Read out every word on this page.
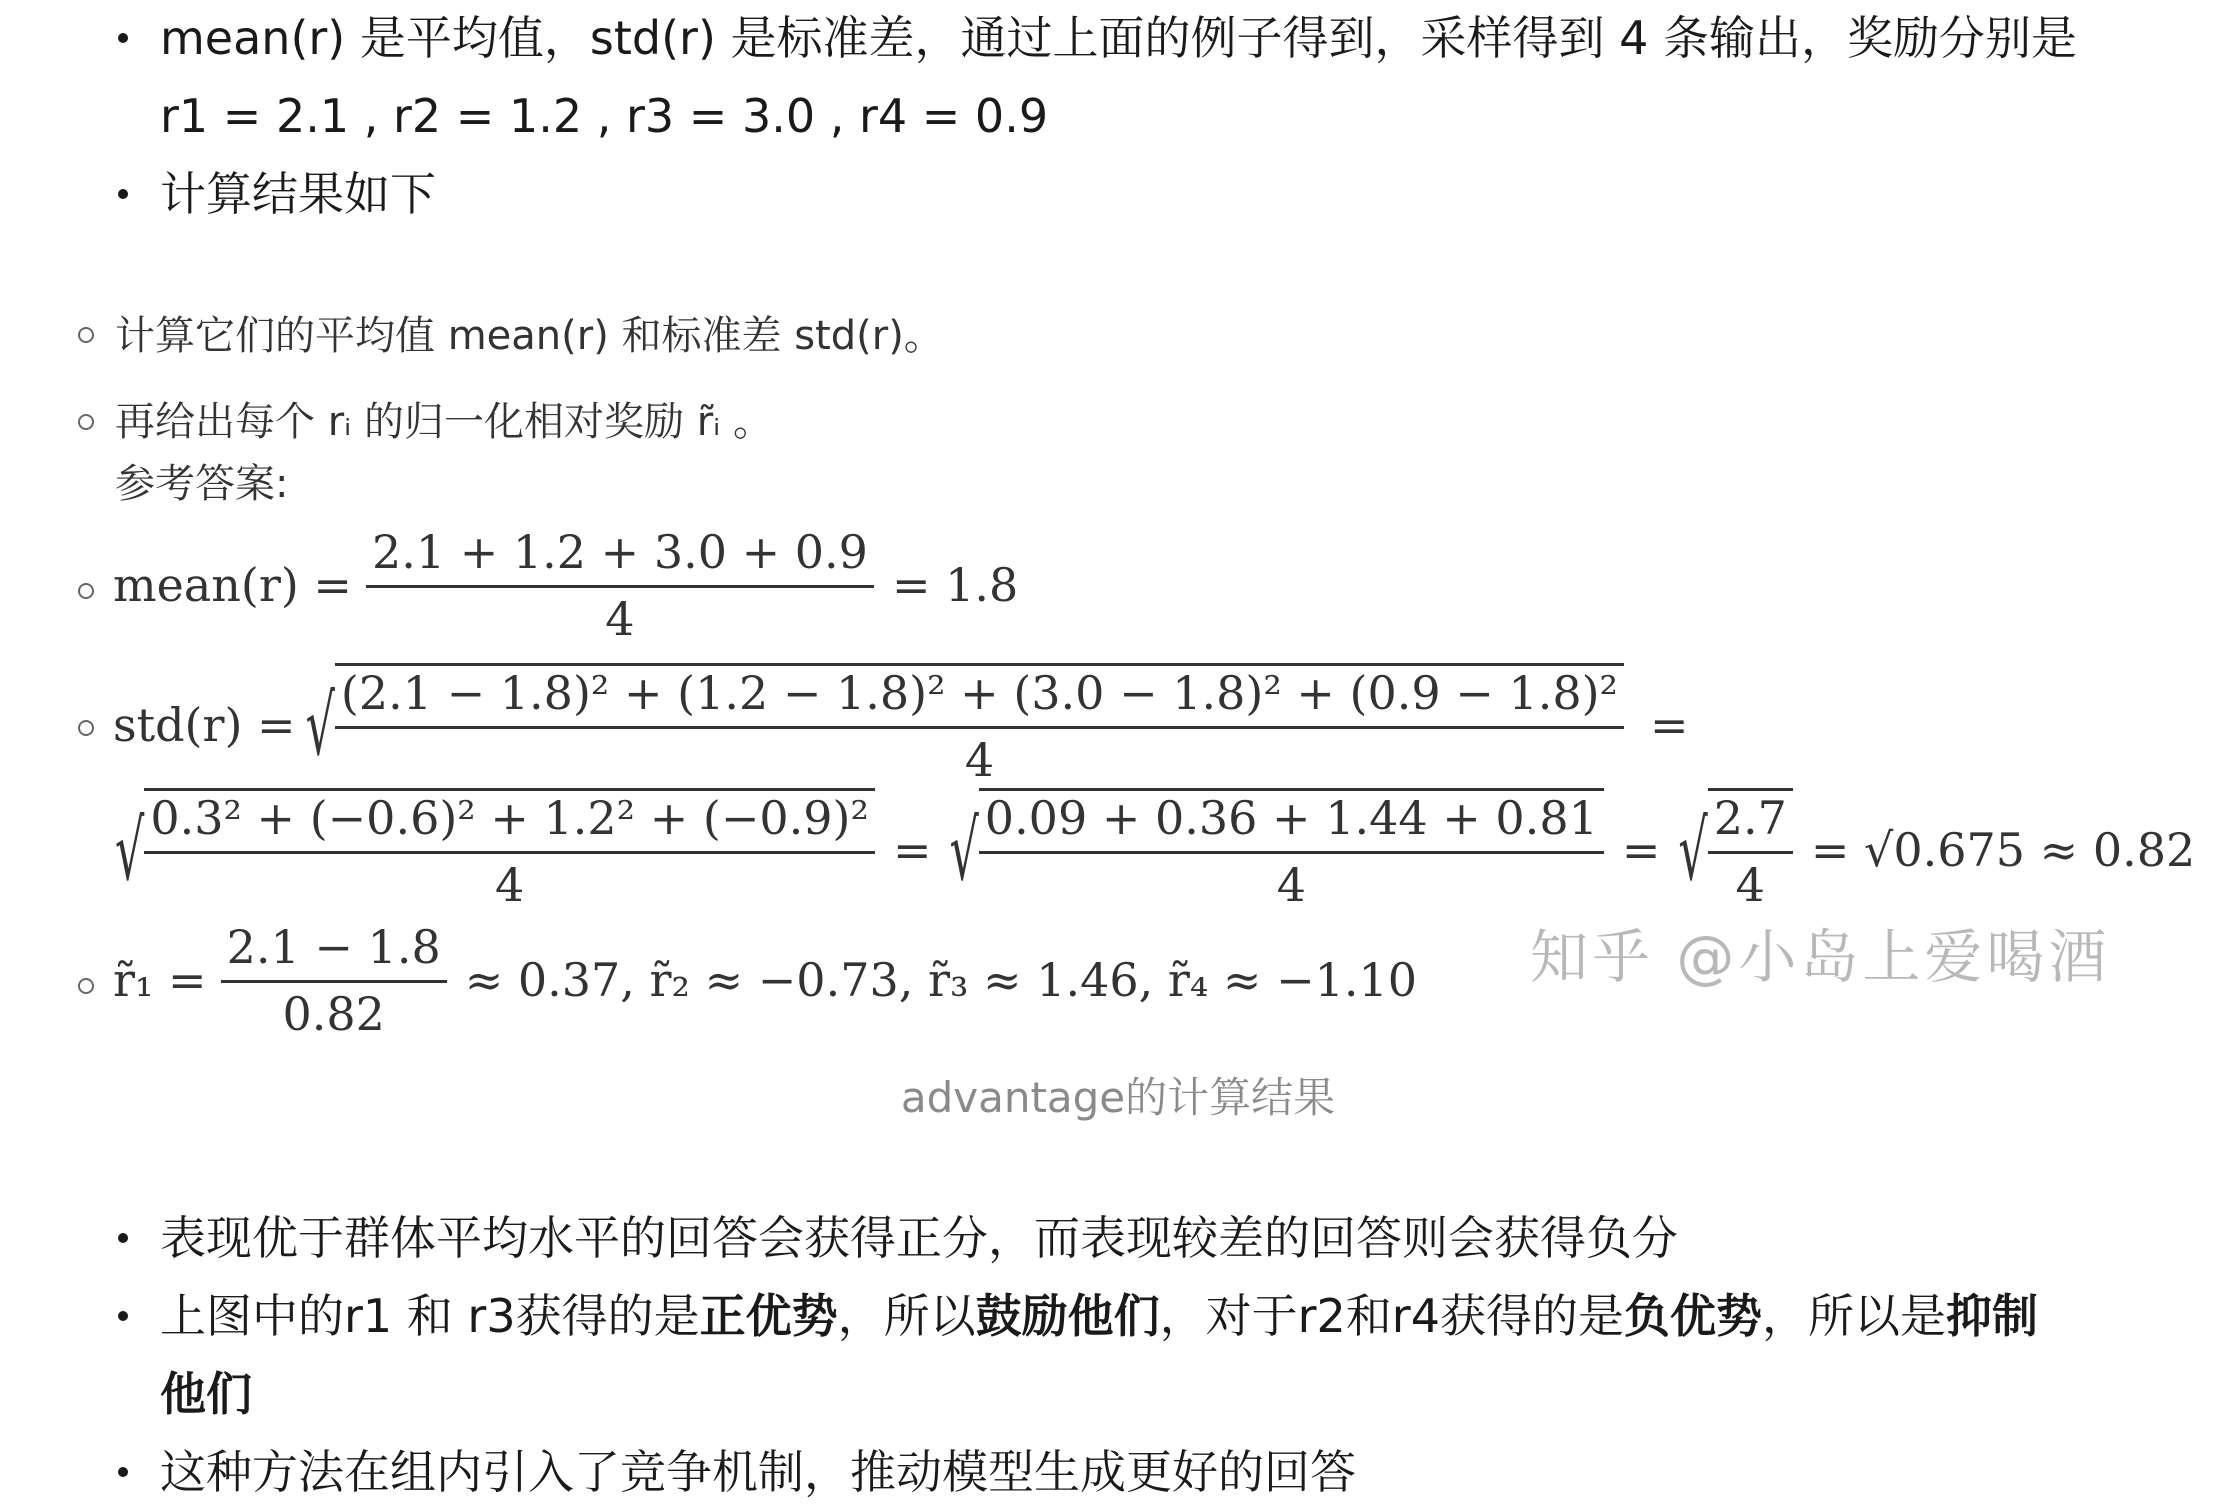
mean(r) 是平均值，std(r) 是标准差，通过上面的例子得到，采样得到 4 条输出，奖励分别是
r1 = 2.1 , r2 = 1.2 , r3 = 3.0 , r4 = 0.9
计算结果如下
计算它们的平均值 mean(r) 和标准差 std(r)。
再给出每个 rᵢ 的归一化相对奖励 r̃ᵢ 。
参考答案:
mean(r) = $\frac{2.1 + 1.2 + 3.0 + 0.9}{4} = 1.8$
std(r) = √ $\frac{\text{(2.1 − 1.8)² + (1.2 − 1.8)² + (3.0 − 1.8)² + (0.9 − 1.8)²}}{4}$ =
√ $\frac{\text{0.3² + (−0.6)² + 1.2² + (−0.9)²}}{4}$ = √ $\frac{0.09 + 0.36 + 1.44 + 0.81}{4}$ = √ $\frac{2.7}{4} = √0.675 \approx 0.82$
r̃₁ = $\frac{2.1 - 1.8}{0.82} \approx 0.37$, r̃₂ ≈ −0.73, r̃₃ ≈ 1.46, r̃₄ ≈ −1.10 知乎 @小岛上爱喝酒
advantage的计算结果
表现优于群体平均水平的回答会获得正分，而表现较差的回答则会获得负分
上图中的r1 和 r3获得的是正优势，所以鼓励他们，对于r2和r4获得的是负优势，所以是抑制
他们
这种方法在组内引入了竞争机制，推动模型生成更好的回答
